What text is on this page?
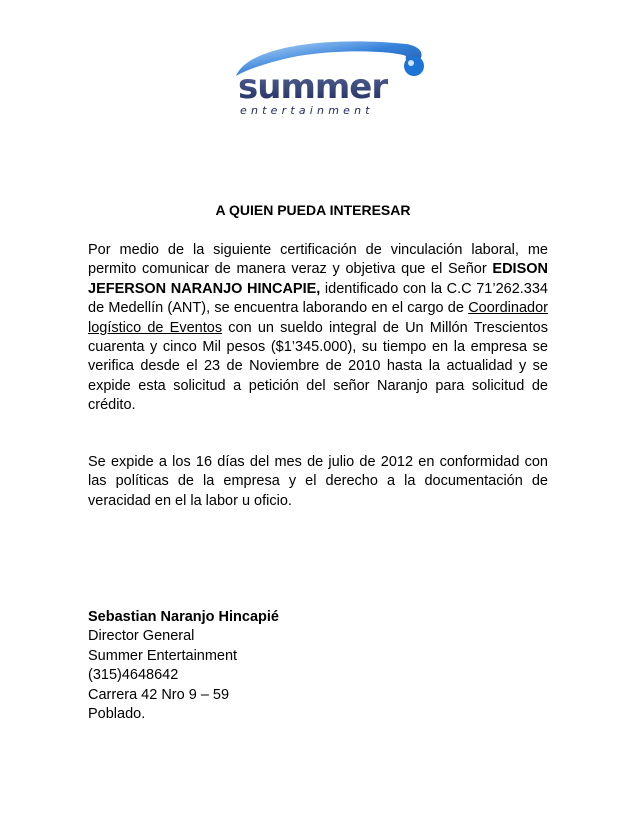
summer
entertainment
A QUIEN PUEDA INTERESAR

Por medio de la siguiente certificación de vinculación laboral, me permito comunicar de manera veraz y objetiva que el Señor EDISON JEFERSON NARANJO HINCAPIE, identificado con la C.C 71’262.334 de Medellín (ANT), se encuentra laborando en el cargo de Coordinador logístico de Eventos con un sueldo integral de Un Millón Trescientos cuarenta y cinco Mil pesos ($1’345.000), su tiempo en la empresa se verifica desde el 23 de Noviembre de 2010 hasta la actualidad y se expide esta solicitud a petición del señor Naranjo para solicitud de crédito.

Se expide a los 16 días del mes de julio de 2012 en conformidad con las políticas de la empresa y el derecho a la documentación de veracidad en el la labor u oficio.

Sebastian Naranjo Hincapié
Director General
Summer Entertainment
(315)4648642
Carrera 42 Nro 9 – 59
Poblado.
